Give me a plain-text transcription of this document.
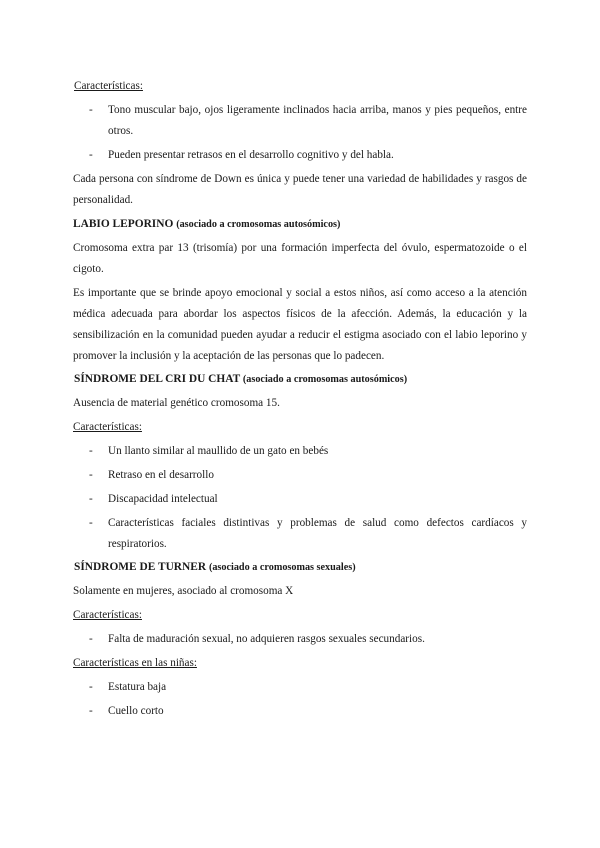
Características:

- Tono muscular bajo, ojos ligeramente inclinados hacia arriba, manos y pies pequeños, entre otros.
- Pueden presentar retrasos en el desarrollo cognitivo y del habla.

Cada persona con síndrome de Down es única y puede tener una variedad de habilidades y rasgos de personalidad.

LABIO LEPORINO (asociado a cromosomas autosómicos)

Cromosoma extra par 13 (trisomía) por una formación imperfecta del óvulo, espermatozoide o el cigoto.

Es importante que se brinde apoyo emocional y social a estos niños, así como acceso a la atención médica adecuada para abordar los aspectos físicos de la afección. Además, la educación y la sensibilización en la comunidad pueden ayudar a reducir el estigma asociado con el labio leporino y promover la inclusión y la aceptación de las personas que lo padecen.

SÍNDROME DEL CRI DU CHAT (asociado a cromosomas autosómicos)

Ausencia de material genético cromosoma 15.

Características:

- Un llanto similar al maullido de un gato en bebés
- Retraso en el desarrollo
- Discapacidad intelectual
- Características faciales distintivas y problemas de salud como defectos cardíacos y respiratorios.

SÍNDROME DE TURNER (asociado a cromosomas sexuales)

Solamente en mujeres, asociado al cromosoma X

Características:

- Falta de maduración sexual, no adquieren rasgos sexuales secundarios.

Características en las niñas:

- Estatura baja
- Cuello corto
